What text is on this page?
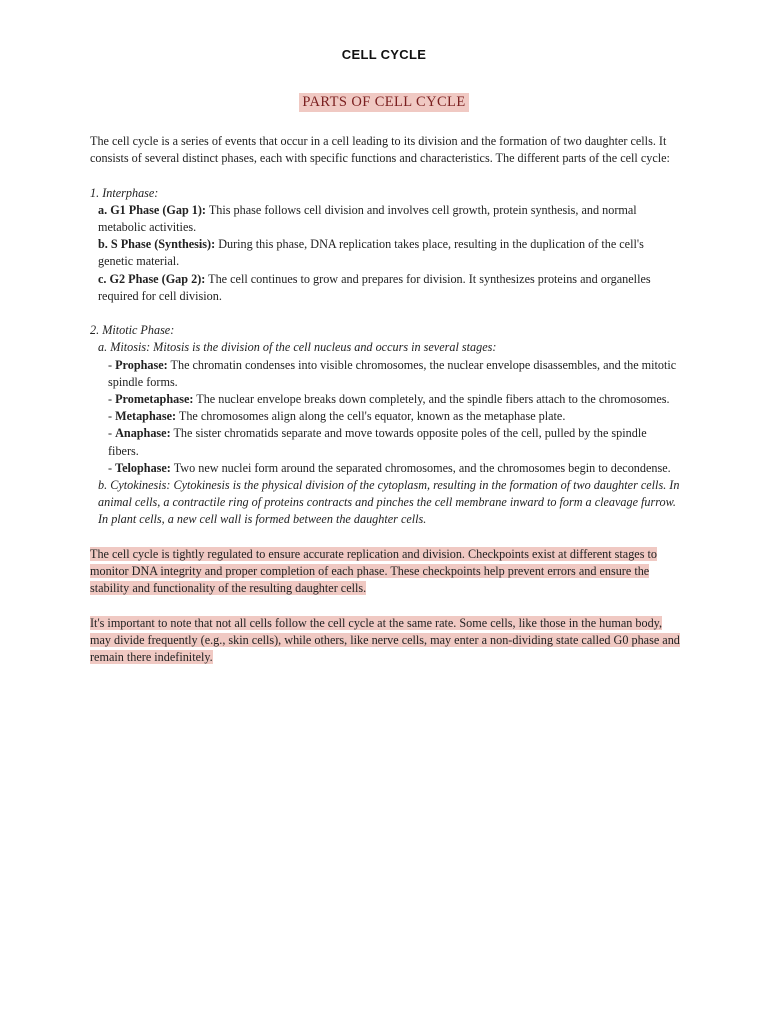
CELL CYCLE
PARTS OF CELL CYCLE

The cell cycle is a series of events that occur in a cell leading to its division and the formation of two daughter cells. It consists of several distinct phases, each with specific functions and characteristics. The different parts of the cell cycle:

1. Interphase:

a. G1 Phase (Gap 1): This phase follows cell division and involves cell growth, protein synthesis, and normal metabolic activities.

b. S Phase (Synthesis): During this phase, DNA replication takes place, resulting in the duplication of the cell's genetic material.

c. G2 Phase (Gap 2): The cell continues to grow and prepares for division. It synthesizes proteins and organelles required for cell division.

2. Mitotic Phase:

a. Mitosis: Mitosis is the division of the cell nucleus and occurs in several stages:

- Prophase: The chromatin condenses into visible chromosomes, the nuclear envelope disassembles, and the mitotic spindle forms.

- Prometaphase: The nuclear envelope breaks down completely, and the spindle fibers attach to the chromosomes.

- Metaphase: The chromosomes align along the cell's equator, known as the metaphase plate.

- Anaphase: The sister chromatids separate and move towards opposite poles of the cell, pulled by the spindle fibers.

- Telophase: Two new nuclei form around the separated chromosomes, and the chromosomes begin to decondense.

b. Cytokinesis: Cytokinesis is the physical division of the cytoplasm, resulting in the formation of two daughter cells. In animal cells, a contractile ring of proteins contracts and pinches the cell membrane inward to form a cleavage furrow. In plant cells, a new cell wall is formed between the daughter cells.

The cell cycle is tightly regulated to ensure accurate replication and division. Checkpoints exist at different stages to monitor DNA integrity and proper completion of each phase. These checkpoints help prevent errors and ensure the stability and functionality of the resulting daughter cells.

It's important to note that not all cells follow the cell cycle at the same rate. Some cells, like those in the human body, may divide frequently (e.g., skin cells), while others, like nerve cells, may enter a non-dividing state called G0 phase and remain there indefinitely.
